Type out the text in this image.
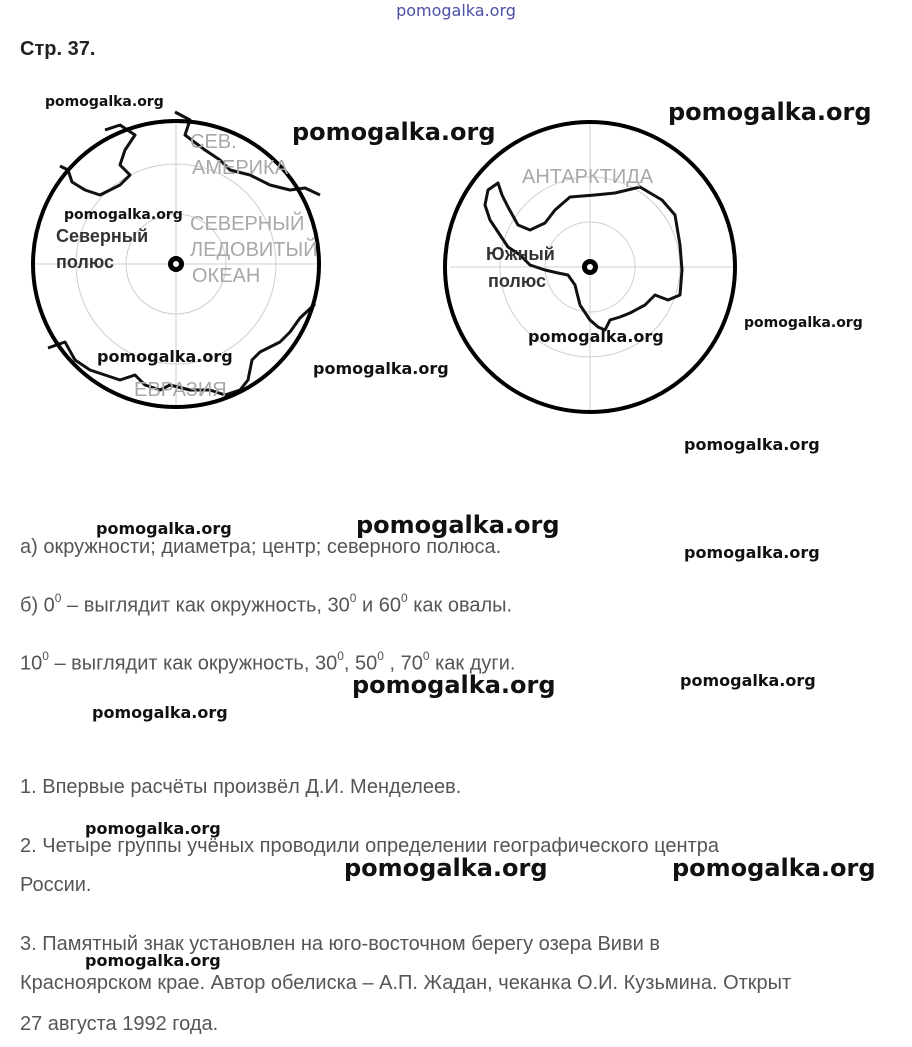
pomogalka.org
Стр. 37.
СЕВ.
АМЕРИКА
СЕВЕРНЫЙ
ЛЕДОВИТЫЙ
ОКЕАН
ЕВРАЗИЯ
Северный
полюс
АНТАРКТИДА
Южный
полюс
а) окружности; диаметра; центр; северного полюса.
б) $0^0$ – выглядит как окружность, $30^0$ и $60^0$ как овалы.
$10^0$ – выглядит как окружность, $30^0$, $50^0$ , $70^0$ как дуги.
1. Впервые расчёты произвёл Д.И. Менделеев.
2. Четыре группы учёных проводили определении географического центра
России.
3. Памятный знак установлен на юго-восточном берегу озера Виви в
Красноярском крае. Автор обелиска – А.П. Жадан, чеканка О.И. Кузьмина. Открыт
27 августа 1992 года.
pomogalka.org
pomogalka.org
pomogalka.org
pomogalka.org
pomogalka.org
pomogalka.org
pomogalka.org
pomogalka.org
pomogalka.org
pomogalka.org	pomogalka.org
pomogalka.org
pomogalka.org	pomogalka.org
pomogalka.org
pomogalka.org
pomogalka.org	pomogalka.org
pomogalka.org
